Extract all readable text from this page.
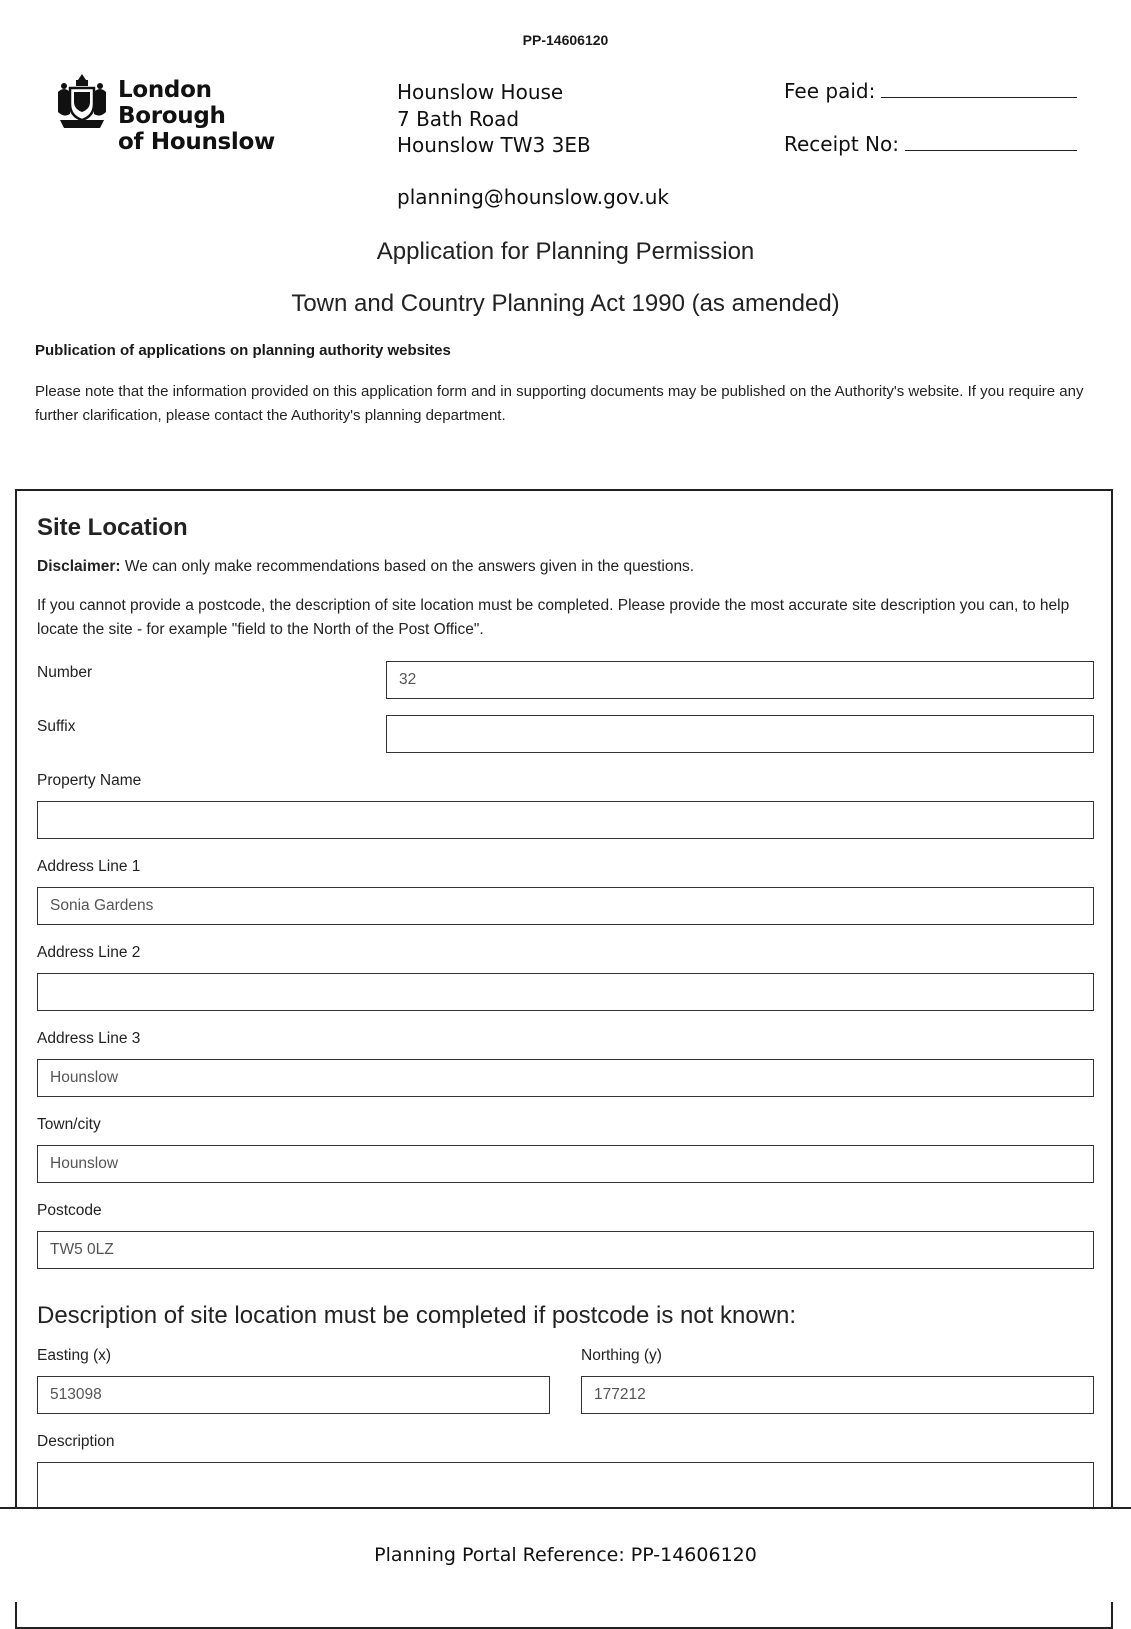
PP-14606120
London Borough
of Hounslow
Hounslow House
7 Bath Road
Hounslow TW3 3EB
planning@hounslow.gov.uk
Fee paid:
Receipt No:
Application for Planning Permission
Town and Country Planning Act 1990 (as amended)
Publication of applications on planning authority websites
Please note that the information provided on this application form and in supporting documents may be published on the Authority's website. If you require any further clarification, please contact the Authority's planning department.
Site Location
Disclaimer: We can only make recommendations based on the answers given in the questions.
If you cannot provide a postcode, the description of site location must be completed. Please provide the most accurate site description you can, to help locate the site - for example "field to the North of the Post Office".
Number	32
Suffix
Property Name
Address Line 1
Sonia Gardens
Address Line 2
Address Line 3
Hounslow
Town/city
Hounslow
Postcode
TW5 0LZ
Description of site location must be completed if postcode is not known:
Easting (x)
513098
Northing (y)
177212
Description
Planning Portal Reference: PP-14606120
